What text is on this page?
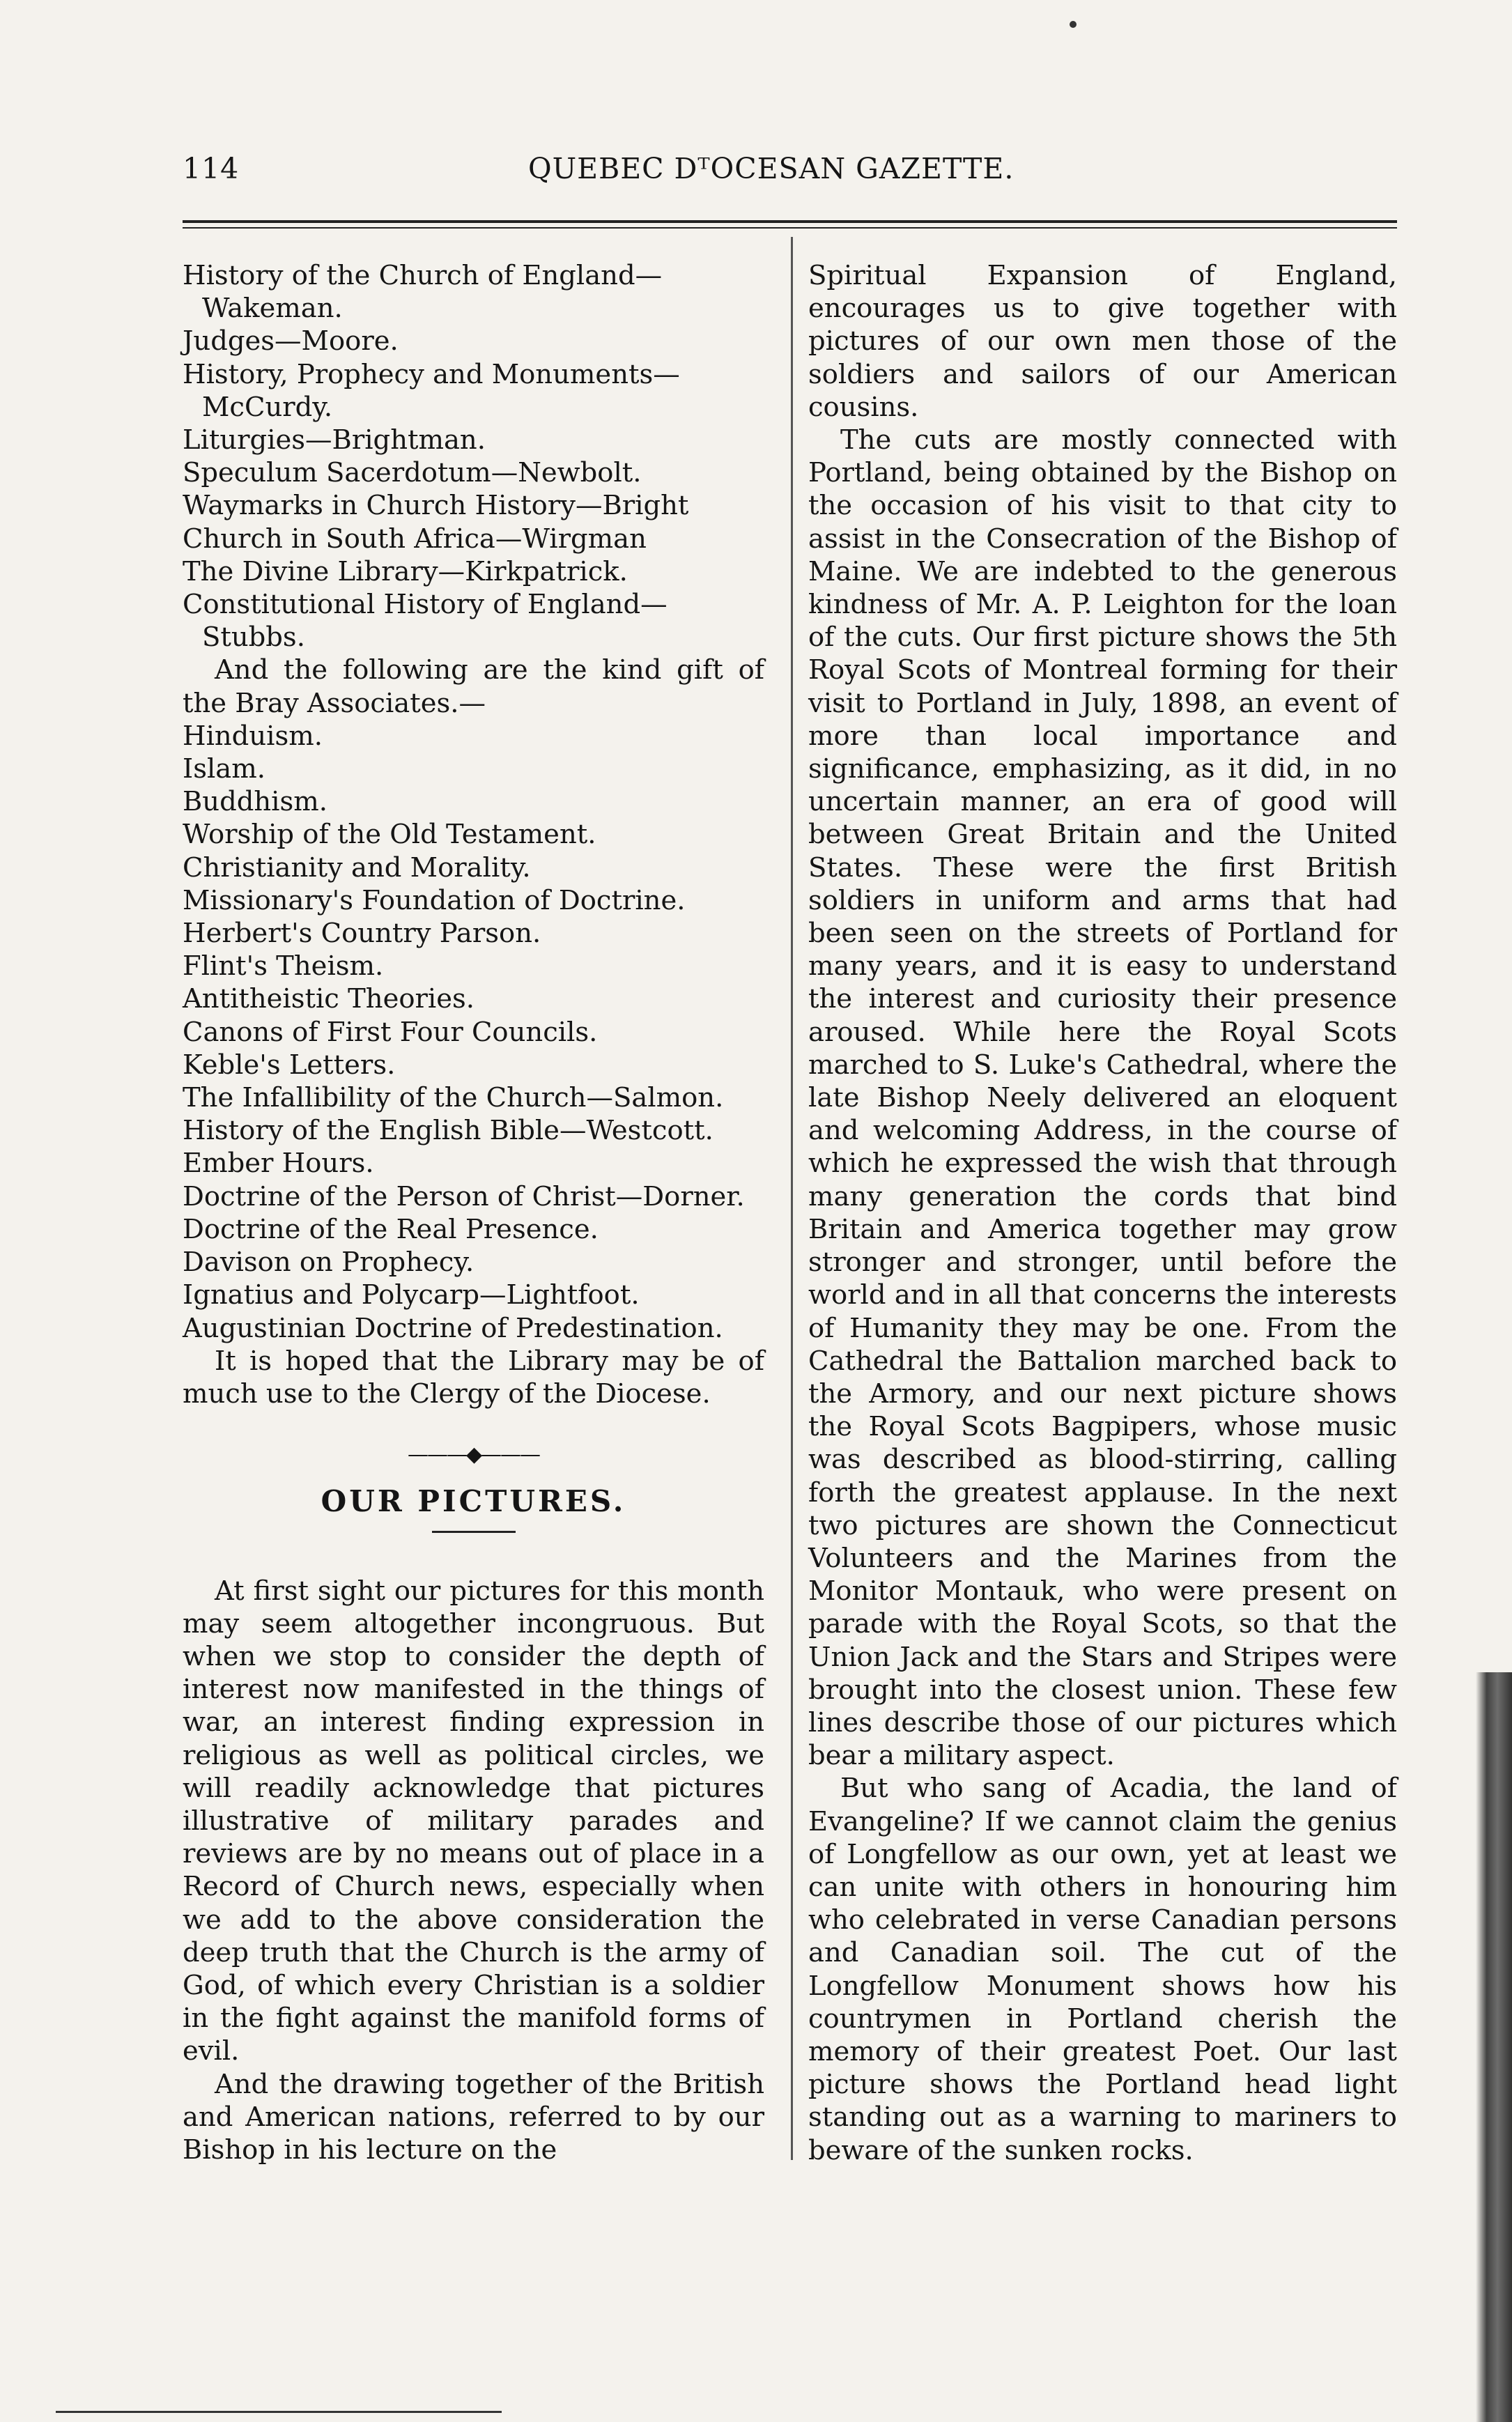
114	QUEBEC DᵀOCESAN GAZETTE.

History of the Church of England—Wakeman.

Judges—Moore.

History, Prophecy and Monuments—McCurdy.

Liturgies—Brightman.

Speculum Sacerdotum—Newbolt.

Waymarks in Church History—Bright

Church in South Africa—Wirgman

The Divine Library—Kirkpatrick.

Constitutional History of England—Stubbs.

And the following are the kind gift of the Bray Associates.—

Hinduism.

Islam.

Buddhism.

Worship of the Old Testament.

Christianity and Morality.

Missionary's Foundation of Doctrine.

Herbert's Country Parson.

Flint's Theism.

Antitheistic Theories.

Canons of First Four Councils.

Keble's Letters.

The Infallibility of the Church—Salmon.

History of the English Bible—Westcott.

Ember Hours.

Doctrine of the Person of Christ—Dorner.

Doctrine of the Real Presence.

Davison on Prophecy.

Ignatius and Polycarp—Lightfoot.

Augustinian Doctrine of Predestination.

It is hoped that the Library may be of much use to the Clergy of the Diocese.

———◆———
OUR PICTURES.

At first sight our pictures for this month may seem altogether incongruous. But when we stop to consider the depth of interest now manifested in the things of war, an interest finding expression in religious as well as political circles, we will readily acknowledge that pictures illustrative of military parades and reviews are by no means out of place in a Record of Church news, especially when we add to the above consideration the deep truth that the Church is the army of God, of which every Christian is a soldier in the fight against the manifold forms of evil.

And the drawing together of the British and American nations, referred to by our Bishop in his lecture on the

Spiritual Expansion of England, encourages us to give together with pictures of our own men those of the soldiers and sailors of our American cousins.

The cuts are mostly connected with Portland, being obtained by the Bishop on the occasion of his visit to that city to assist in the Consecration of the Bishop of Maine. We are indebted to the generous kindness of Mr. A. P. Leighton for the loan of the cuts. Our first picture shows the 5th Royal Scots of Montreal forming for their visit to Portland in July, 1898, an event of more than local importance and significance, emphasizing, as it did, in no uncertain manner, an era of good will between Great Britain and the United States. These were the first British soldiers in uniform and arms that had been seen on the streets of Portland for many years, and it is easy to understand the interest and curiosity their presence aroused. While here the Royal Scots marched to S. Luke's Cathedral, where the late Bishop Neely delivered an eloquent and welcoming Address, in the course of which he expressed the wish that through many generation the cords that bind Britain and America together may grow stronger and stronger, until before the world and in all that concerns the interests of Humanity they may be one. From the Cathedral the Battalion marched back to the Armory, and our next picture shows the Royal Scots Bagpipers, whose music was described as blood-stirring, calling forth the greatest applause. In the next two pictures are shown the Connecticut Volunteers and the Marines from the Monitor Montauk, who were present on parade with the Royal Scots, so that the Union Jack and the Stars and Stripes were brought into the closest union. These few lines describe those of our pictures which bear a military aspect.

But who sang of Acadia, the land of Evangeline? If we cannot claim the genius of Longfellow as our own, yet at least we can unite with others in honouring him who celebrated in verse Canadian persons and Canadian soil. The cut of the Longfellow Monument shows how his countrymen in Portland cherish the memory of their greatest Poet. Our last picture shows the Portland head light standing out as a warning to mariners to beware of the sunken rocks.
